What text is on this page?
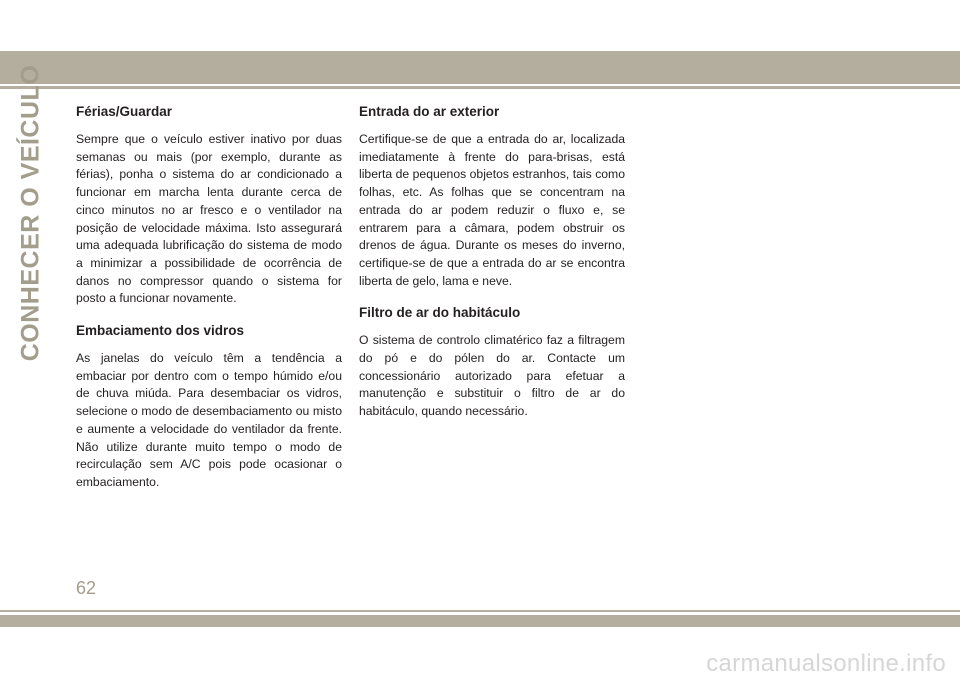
CONHECER O VEÍCULO Férias/Guardar

Sempre que o veículo estiver inativo por duas semanas ou mais (por exemplo, durante as férias), ponha o sistema do ar condicionado a funcionar em marcha lenta durante cerca de cinco minutos no ar fresco e o ventilador na posição de velocidade máxima. Isto assegurará uma adequada lubrificação do sistema de modo a minimizar a possibilidade de ocorrência de danos no compressor quando o sistema for posto a funcionar novamente.

Embaciamento dos vidros

As janelas do veículo têm a tendência a embaciar por dentro com o tempo húmido e/ou de chuva miúda. Para desembaciar os vidros, selecione o modo de desembaciamento ou misto e aumente a velocidade do ventilador da frente. Não utilize durante muito tempo o modo de recirculação sem A/C pois pode ocasionar o embaciamento.

Entrada do ar exterior

Certifique-se de que a entrada do ar, localizada imediatamente à frente do para-brisas, está liberta de pequenos objetos estranhos, tais como folhas, etc. As folhas que se concentram na entrada do ar podem reduzir o fluxo e, se entrarem para a câmara, podem obstruir os drenos de água. Durante os meses do inverno, certifique-se de que a entrada do ar se encontra liberta de gelo, lama e neve.

Filtro de ar do habitáculo

O sistema de controlo climatérico faz a filtragem do pó e do pólen do ar. Contacte um concessionário autorizado para efetuar a manutenção e substituir o filtro de ar do habitáculo, quando necessário.

62
carmanualsonline.info
